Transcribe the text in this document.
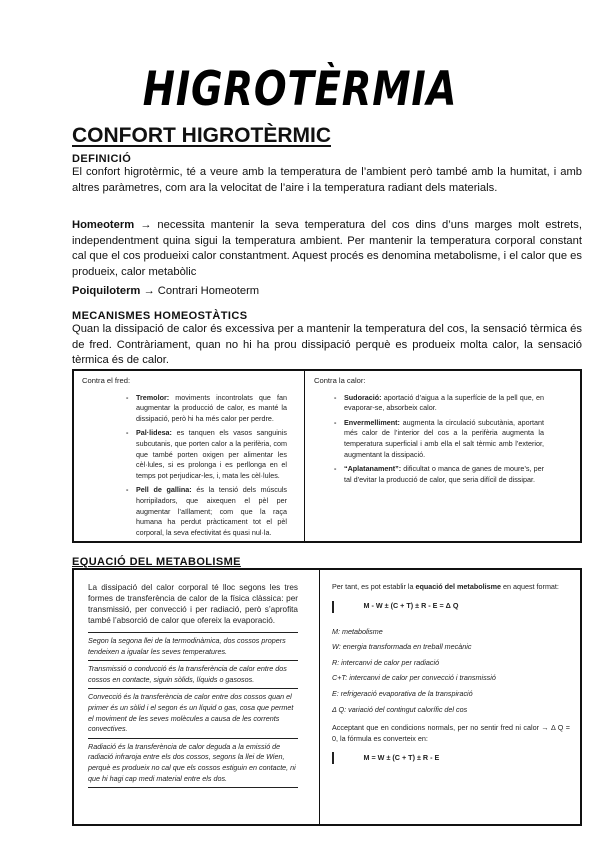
HIGROTÈRMIA
CONFORT HIGROTÈRMIC
DEFINICIÓ
El confort higrotèrmic, té a veure amb la temperatura de l’ambient però també amb la humitat, i amb altres paràmetres, com ara la velocitat de l’aire i la temperatura radiant dels materials.
Homeoterm → necessita mantenir la seva temperatura del cos dins d’uns marges molt estrets, independentment quina sigui la temperatura ambient. Per mantenir la temperatura corporal constant cal que el cos produeixi calor constantment. Aquest procés es denomina metabolisme, i el calor que es produeix, calor metabòlic
Poiquiloterm → Contrari Homeoterm
MECANISMES HOMEOSTÀTICS
Quan la dissipació de calor és excessiva per a mantenir la temperatura del cos, la sensació tèrmica és de fred. Contràriament, quan no hi ha prou dissipació perquè es produeix molta calor, la sensació tèrmica és de calor.
Contra el fred:
- Tremolor: moviments incontrolats que fan augmentar la producció de calor, es manté la dissipació, però hi ha més calor per perdre.
- Pal·lidesa: es tanquen els vasos sanguinis subcutanis, que porten calor a la perifèria, com que també porten oxigen per alimentar les cèl·lules, si es prolonga i es perllonga en el temps pot perjudicar-les, i, mata les cèl·lules.
- Pell de gallina: és la tensió dels músculs horripiladors, que aixequen el pèl per augmentar l’aïllament; com que la raça humana ha perdut pràcticament tot el pèl corporal, la seva efectivitat és quasi nul·la.
Contra la calor:
- Sudoració: aportació d’aigua a la superfície de la pell que, en evaporar-se, absorbeix calor.
- Envermelliment: augmenta la circulació subcutània, aportant més calor de l’interior del cos a la perifèria augmenta la temperatura superficial i amb ella el salt tèrmic amb l’exterior, augmentant la dissipació.
- “Aplatanament”: dificultat o manca de ganes de moure’s, per tal d’evitar la producció de calor, que seria difícil de dissipar.
EQUACIÓ DEL METABOLISME
La dissipació del calor corporal té lloc segons les tres formes de transferència de calor de la física clàssica: per transmissió, per convecció i per radiació, però s’aprofita també l’absorció de calor que ofereix la evaporació.
Segon la segona llei de la termodinàmica, dos cossos propers tendeixen a igualar les seves temperatures.
Transmissió o conducció és la transferència de calor entre dos cossos en contacte, siguin sòlids, líquids o gasosos.
Convecció és la transferència de calor entre dos cossos quan el primer és un sòlid i el segon és un líquid o gas, cosa que permet el moviment de les seves molècules a causa de les corrents convectives.
Radiació és la transferència de calor deguda a la emissió de radiació infraroja entre els dos cossos, segons la llei de Wien, perquè es produeix no cal que els cossos estiguin en contacte, ni que hi hagi cap medi material entre els dos.
Per tant, es pot establir la equació del metabolisme en aquest format:
M - W ± (C + T) ± R - E = Δ Q
M: metabolisme
W: energia transformada en treball mecànic
R: intercanvi de calor per radiació
C+T: intercanvi de calor per convecció i transmissió
E: refrigeració evaporativa de la transpiració
Δ Q: variació del contingut calorífic del cos
Acceptant que en condicions normals, per no sentir fred ni calor → Δ Q = 0, la fórmula es converteix en:
M = W ± (C + T) ± R - E
